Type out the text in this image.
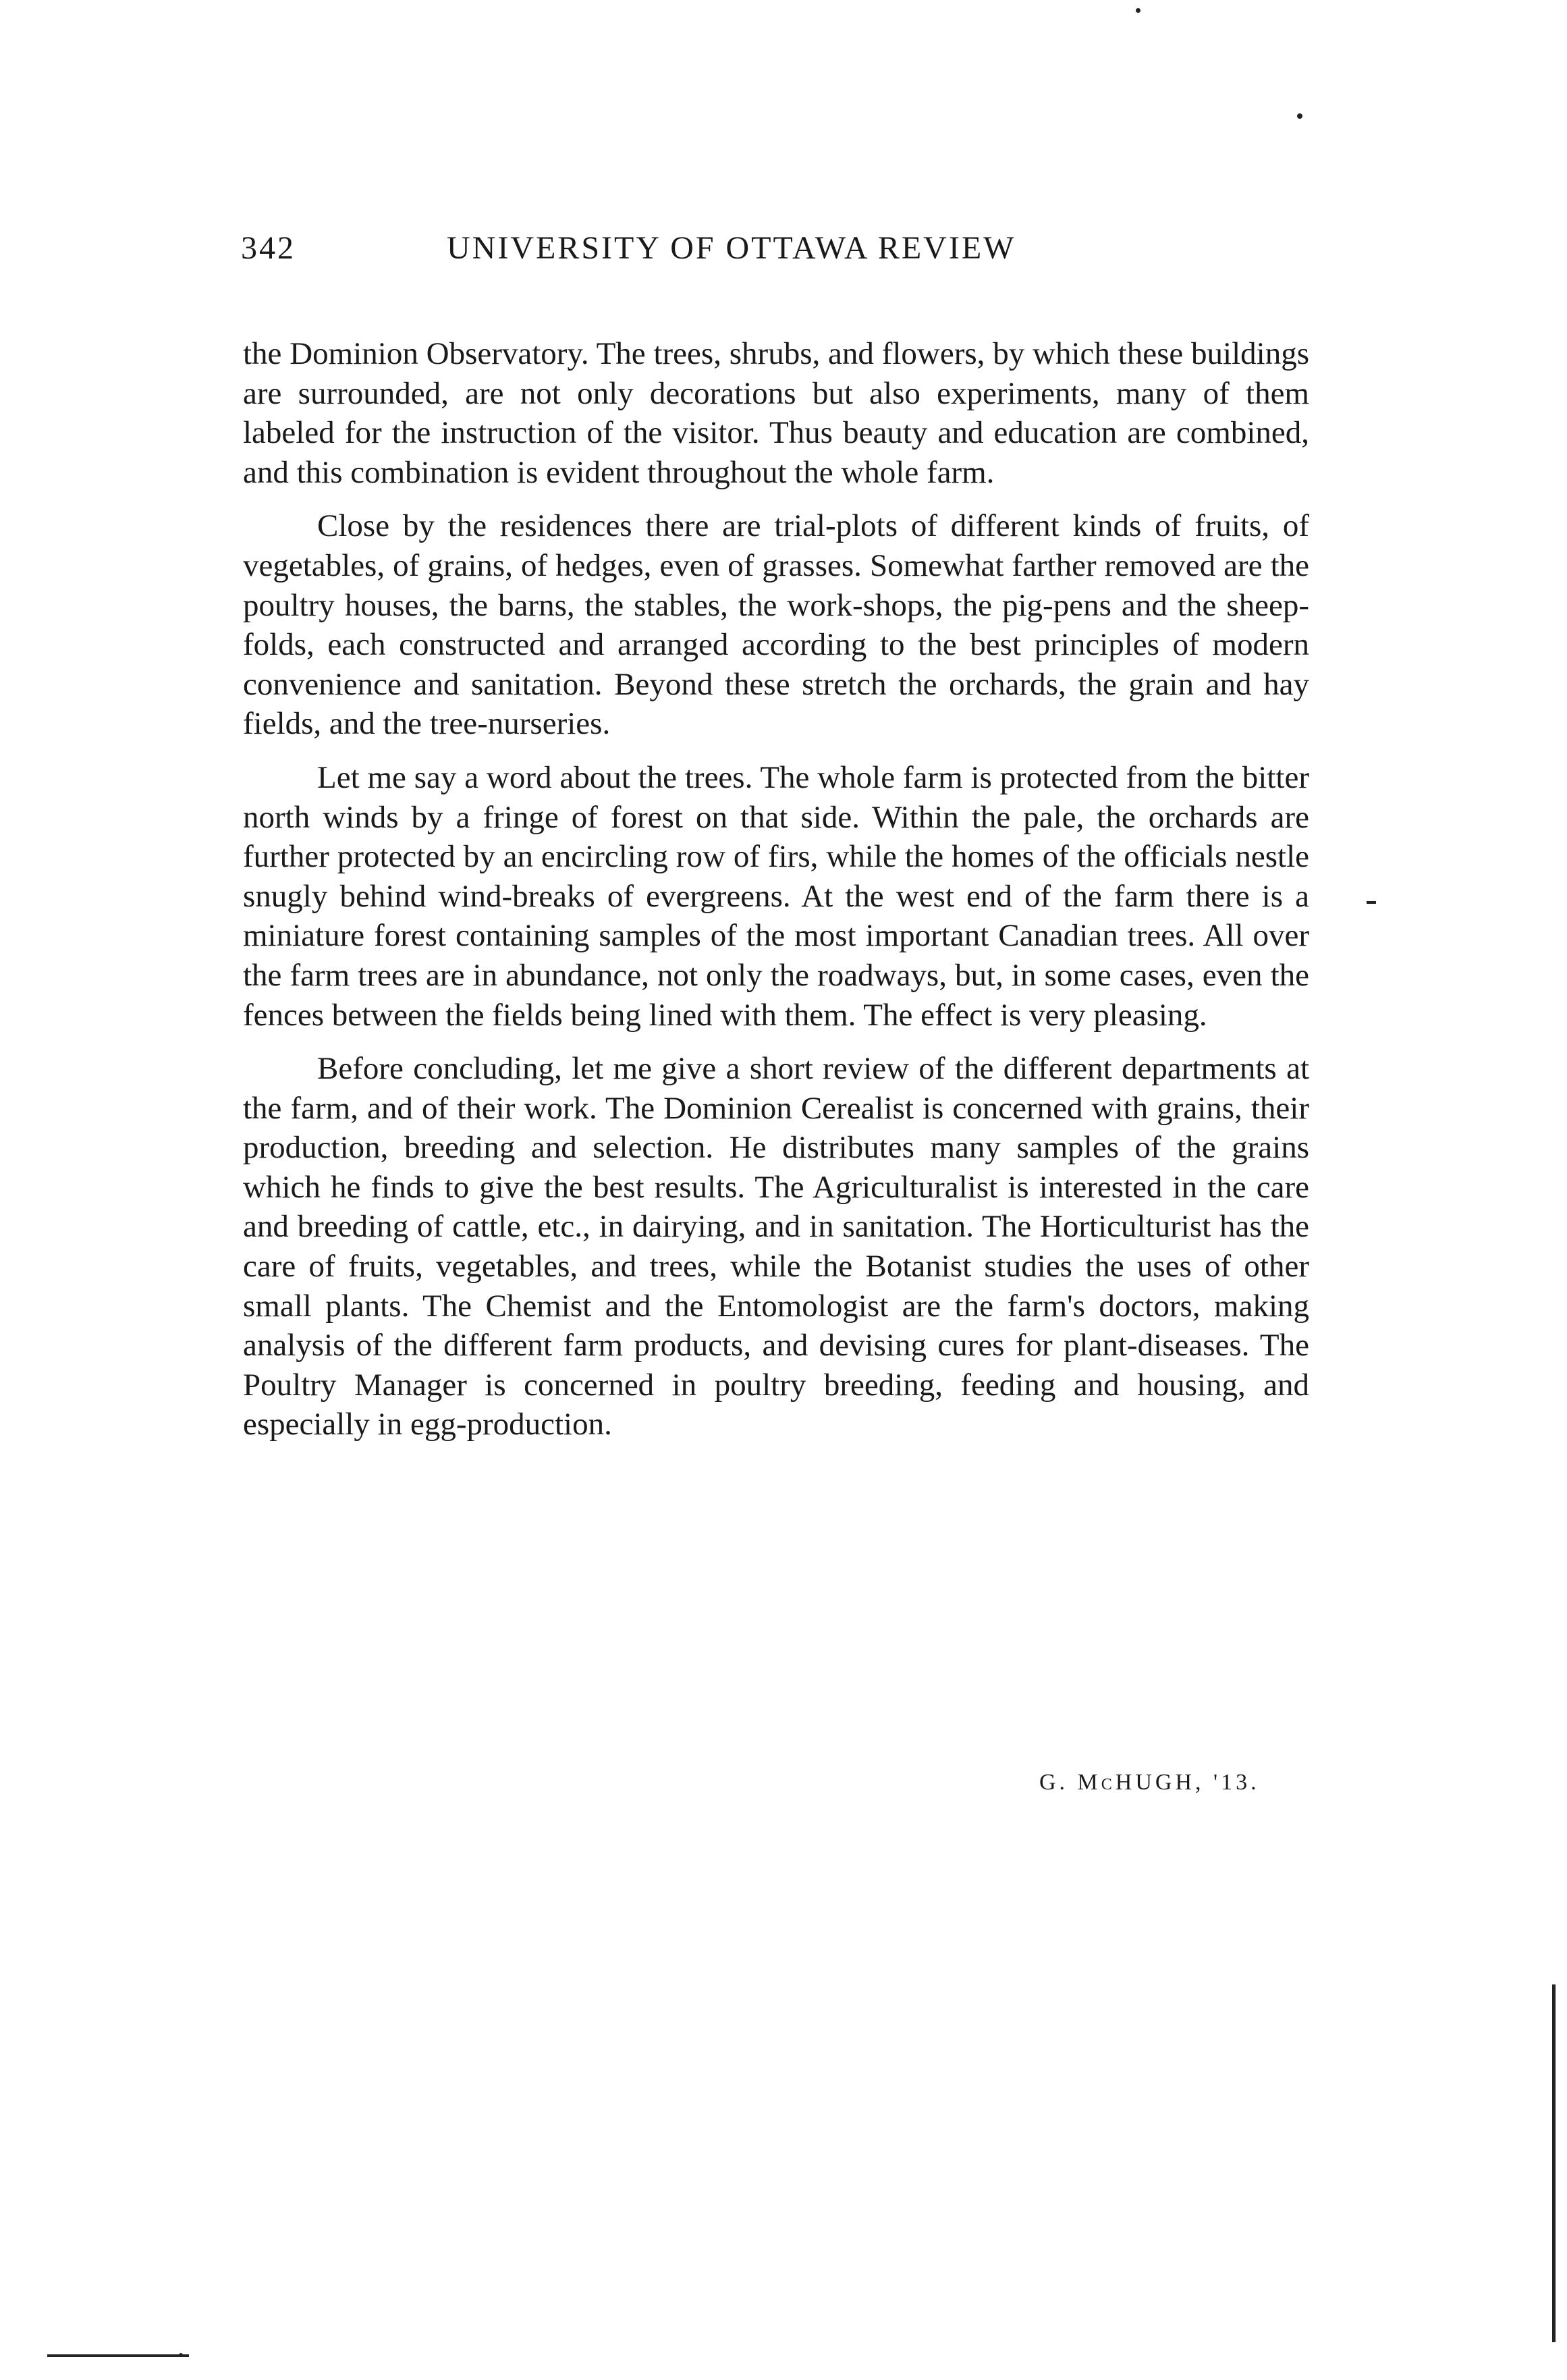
342	UNIVERSITY OF OTTAWA REVIEW

the Dominion Observatory. The trees, shrubs, and flowers, by which these buildings are surrounded, are not only decorations but also experiments, many of them labeled for the instruction of the visitor. Thus beauty and education are combined, and this combination is evident throughout the whole farm.

Close by the residences there are trial-plots of different kinds of fruits, of vegetables, of grains, of hedges, even of grasses. Somewhat farther removed are the poultry houses, the barns, the stables, the work-shops, the pig-pens and the sheep-folds, each constructed and arranged according to the best principles of modern convenience and sanitation. Beyond these stretch the orchards, the grain and hay fields, and the tree-nurseries.

Let me say a word about the trees. The whole farm is protected from the bitter north winds by a fringe of forest on that side. Within the pale, the orchards are further protected by an encircling row of firs, while the homes of the officials nestle snugly behind wind-breaks of evergreens. At the west end of the farm there is a miniature forest containing samples of the most important Canadian trees. All over the farm trees are in abundance, not only the roadways, but, in some cases, even the fences between the fields being lined with them. The effect is very pleasing.

Before concluding, let me give a short review of the different departments at the farm, and of their work. The Dominion Cerealist is concerned with grains, their production, breeding and selection. He distributes many samples of the grains which he finds to give the best results. The Agriculturalist is interested in the care and breeding of cattle, etc., in dairying, and in sanitation. The Horticulturist has the care of fruits, vegetables, and trees, while the Botanist studies the uses of other small plants. The Chemist and the Entomologist are the farm's doctors, making analysis of the different farm products, and devising cures for plant-diseases. The Poultry Manager is concerned in poultry breeding, feeding and housing, and especially in egg-production.

G. McHUGH, '13.
